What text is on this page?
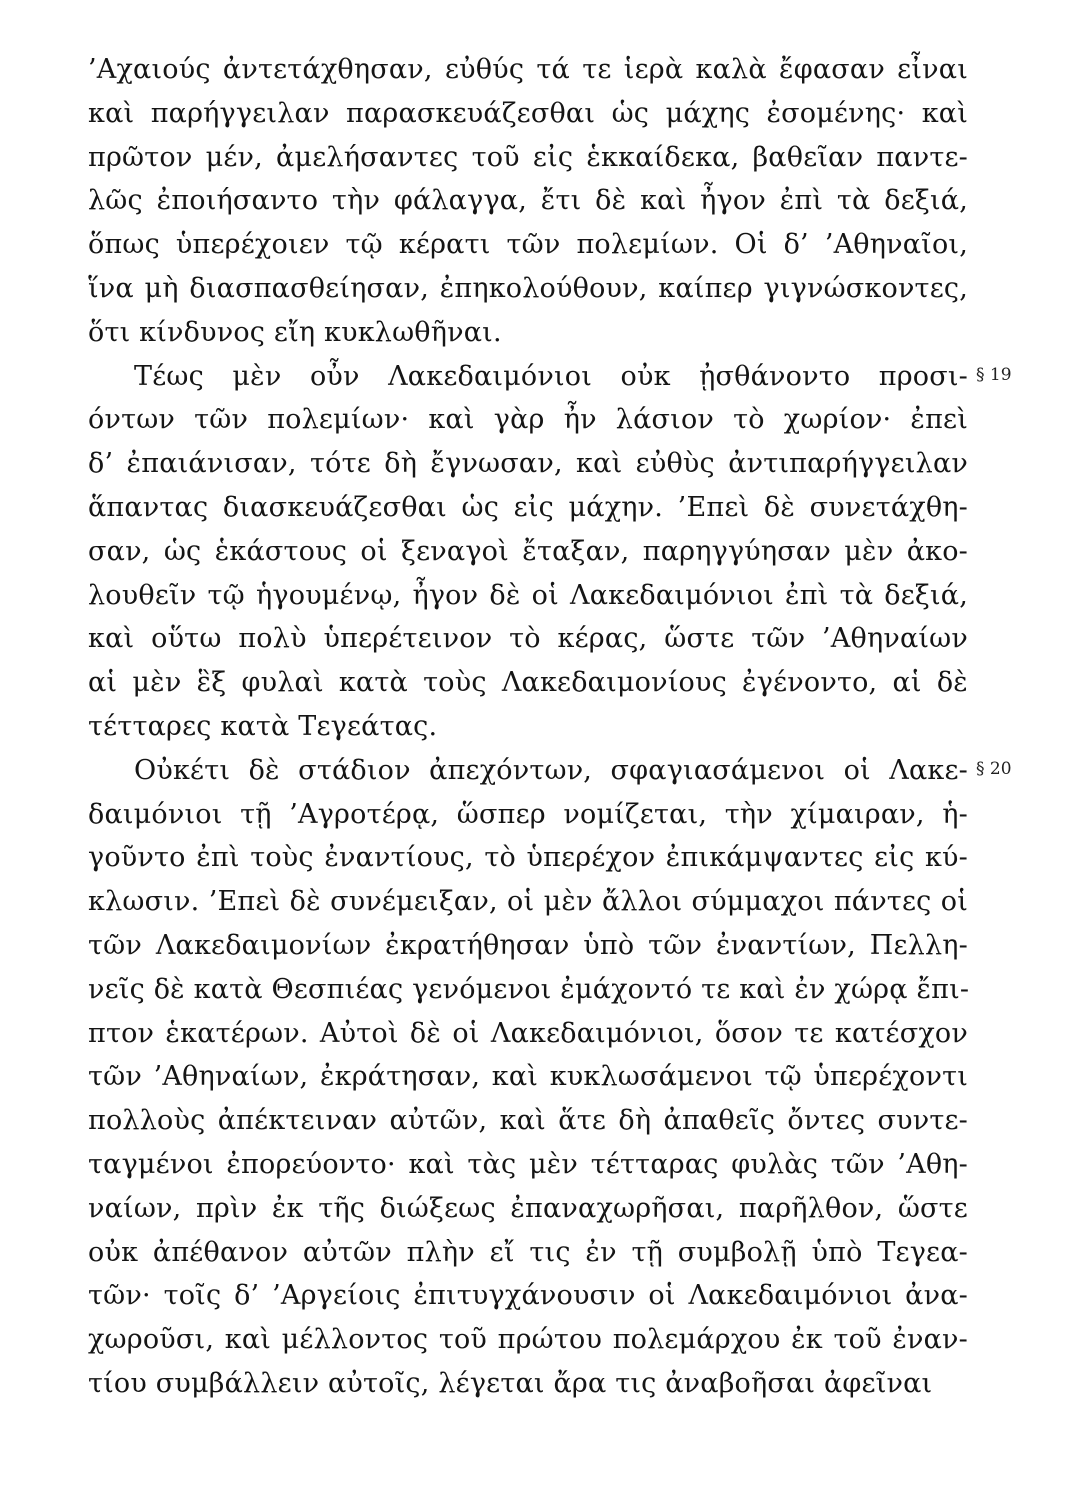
’Αχαιούς ἀντετάχθησαν, εὐθύς τά τε ἱερὰ καλὰ ἔφασαν εἶναι
καὶ παρήγγειλαν παρασκευάζεσθαι ὡς μάχης ἐσομένης· καὶ
πρῶτον μέν, ἀμελήσαντες τοῦ εἰς ἑκκαίδεκα, βαθεῖαν παντε-
λῶς ἐποιήσαντο τὴν φάλαγγα, ἔτι δὲ καὶ ἦγον ἐπὶ τὰ δεξιά,
ὅπως ὑπερέχοιεν τῷ κέρατι τῶν πολεμίων. Οἱ δ’ ’Αθηναῖοι,
ἵνα μὴ διασπασθείησαν, ἐπηκολούθουν, καίπερ γιγνώσκοντες,
ὅτι κίνδυνος εἴη κυκλωθῆναι.
Τέως μὲν οὖν Λακεδαιμόνιοι οὐκ ᾐσθάνοντο προσι-
όντων τῶν πολεμίων· καὶ γὰρ ἦν λάσιον τὸ χωρίον· ἐπεὶ
δ’ ἐπαιάνισαν, τότε δὴ ἔγνωσαν, καὶ εὐθὺς ἀντιπαρήγγειλαν
ἅπαντας διασκευάζεσθαι ὡς εἰς μάχην. ’Επεὶ δὲ συνετάχθη-
σαν, ὡς ἑκάστους οἱ ξεναγοὶ ἔταξαν, παρηγγύησαν μὲν ἀκο-
λουθεῖν τῷ ἡγουμένῳ, ἦγον δὲ οἱ Λακεδαιμόνιοι ἐπὶ τὰ δεξιά,
καὶ οὕτω πολὺ ὑπερέτεινον τὸ κέρας, ὥστε τῶν ’Αθηναίων
αἱ μὲν ἓξ φυλαὶ κατὰ τοὺς Λακεδαιμονίους ἐγένοντο, αἱ δὲ
τέτταρες κατὰ Τεγεάτας.
§ 19
Οὐκέτι δὲ στάδιον ἀπεχόντων, σφαγιασάμενοι οἱ Λακε-
δαιμόνιοι τῇ ’Αγροτέρᾳ, ὥσπερ νομίζεται, τὴν χίμαιραν, ἡ-
γοῦντο ἐπὶ τοὺς ἐναντίους, τὸ ὑπερέχον ἐπικάμψαντες εἰς κύ-
κλωσιν. ’Επεὶ δὲ συνέμειξαν, οἱ μὲν ἄλλοι σύμμαχοι πάντες οἱ
τῶν Λακεδαιμονίων ἐκρατήθησαν ὑπὸ τῶν ἐναντίων, Πελλη-
νεῖς δὲ κατὰ Θεσπιέας γενόμενοι ἐμάχοντό τε καὶ ἐν χώρᾳ ἔπι-
πτον ἑκατέρων. Αὐτοὶ δὲ οἱ Λακεδαιμόνιοι, ὅσον τε κατέσχον
τῶν ’Αθηναίων, ἐκράτησαν, καὶ κυκλωσάμενοι τῷ ὑπερέχοντι
πολλοὺς ἀπέκτειναν αὐτῶν, καὶ ἅτε δὴ ἀπαθεῖς ὄντες συντε-
ταγμένοι ἐπορεύοντο· καὶ τὰς μὲν τέτταρας φυλὰς τῶν ’Αθη-
ναίων, πρὶν ἐκ τῆς διώξεως ἐπαναχωρῆσαι, παρῆλθον, ὥστε
οὐκ ἀπέθανον αὐτῶν πλὴν εἴ τις ἐν τῇ συμβολῇ ὑπὸ Τεγεα-
τῶν· τοῖς δ’ ’Αργείοις ἐπιτυγχάνουσιν οἱ Λακεδαιμόνιοι ἀνα-
χωροῦσι, καὶ μέλλοντος τοῦ πρώτου πολεμάρχου ἐκ τοῦ ἐναν-
τίου συμβάλλειν αὐτοῖς, λέγεται ἄρα τις ἀναβοῆσαι ἀφεῖναι
§ 20
